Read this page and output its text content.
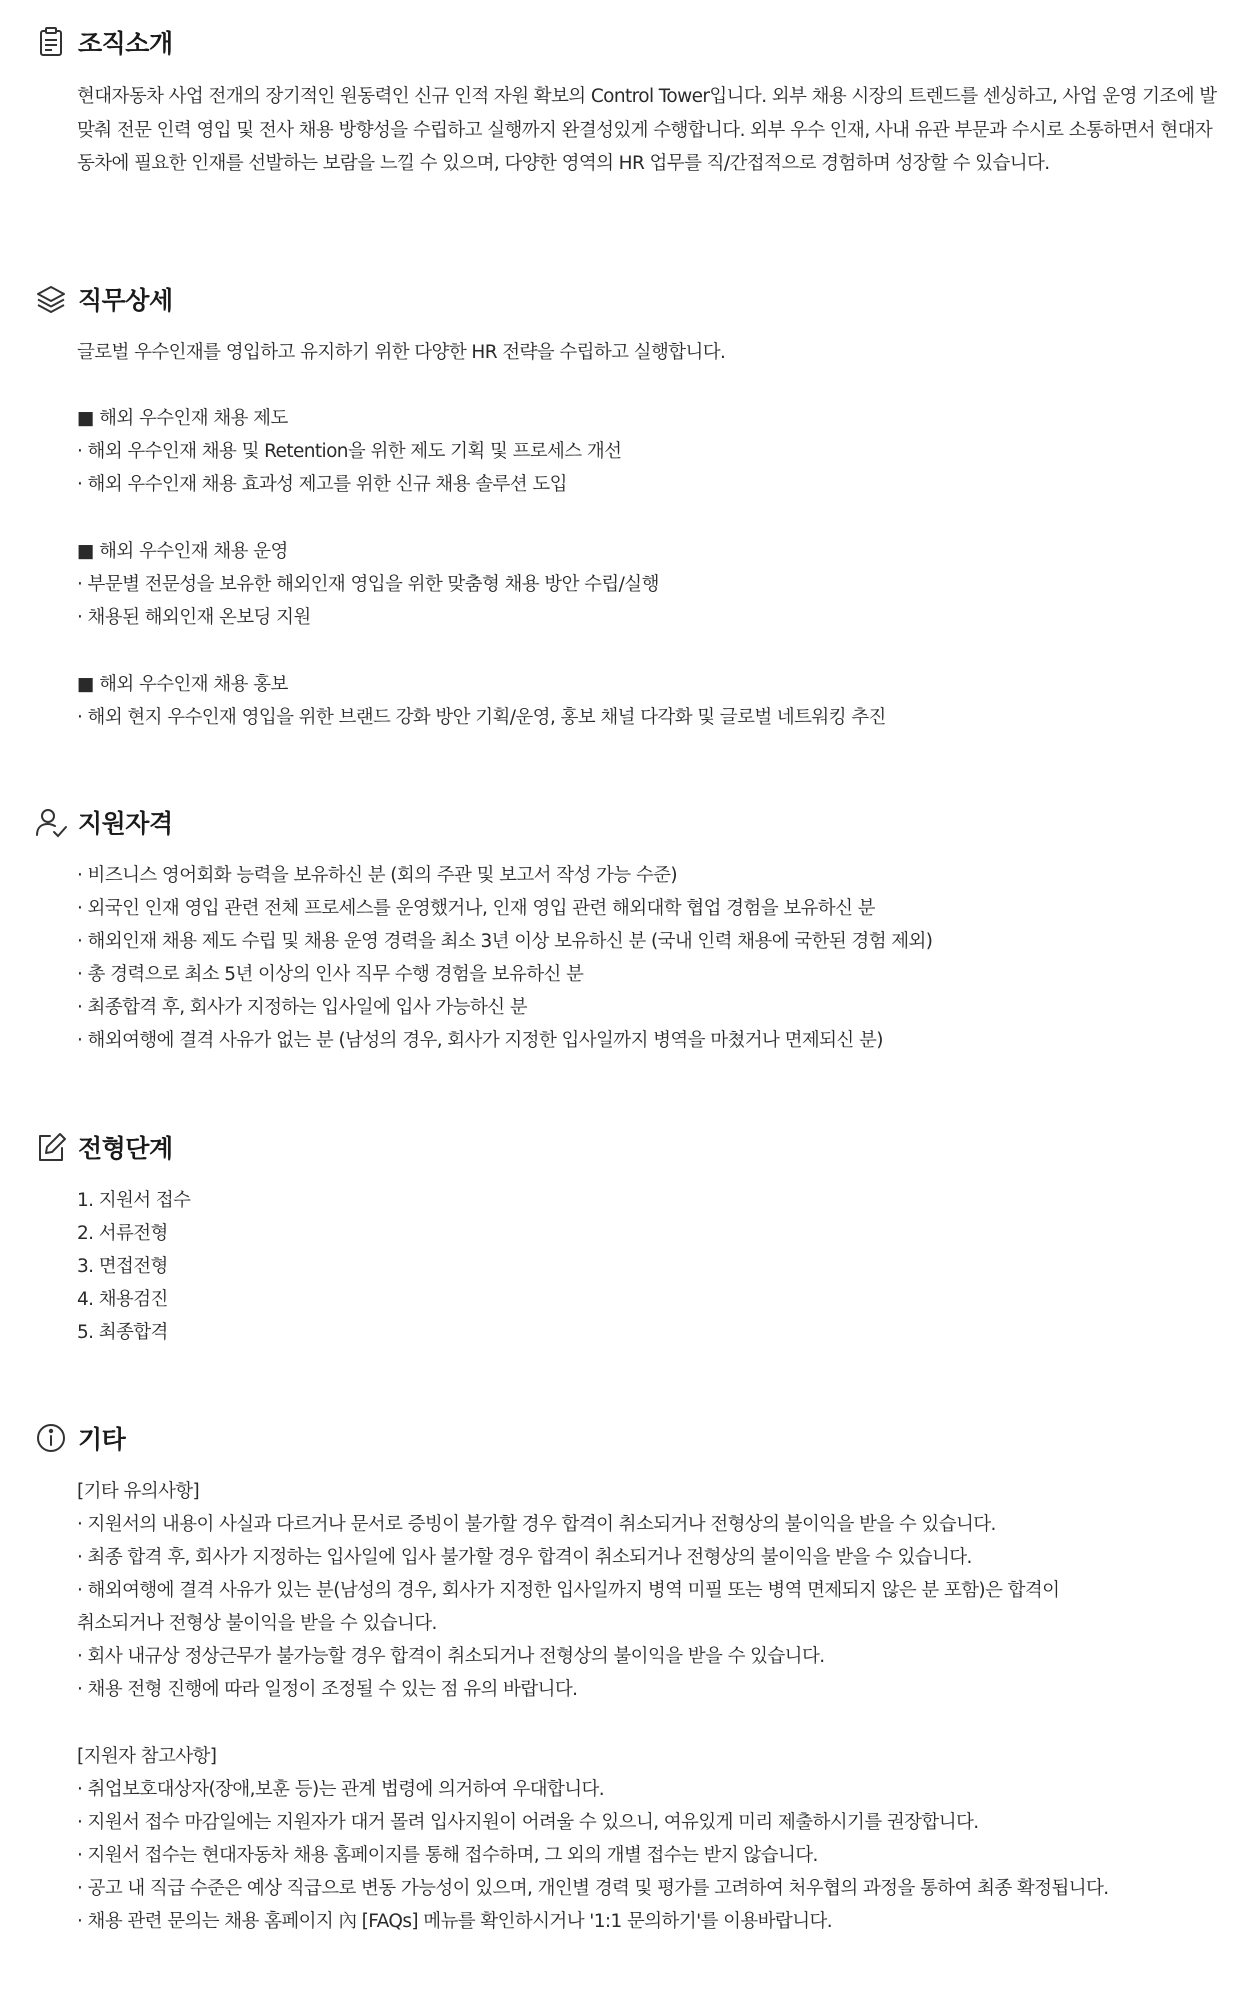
조직소개
현대자동차 사업 전개의 장기적인 원동력인 신규 인적 자원 확보의 Control Tower입니다. 외부 채용 시장의 트렌드를 센싱하고, 사업 운영 기조에 발맞춰 전문 인력 영입 및 전사 채용 방향성을 수립하고 실행까지 완결성있게 수행합니다. 외부 우수 인재, 사내 유관 부문과 수시로 소통하면서 현대자동차에 필요한 인재를 선발하는 보람을 느낄 수 있으며, 다양한 영역의 HR 업무를 직/간접적으로 경험하며 성장할 수 있습니다.
직무상세
글로벌 우수인재를 영입하고 유지하기 위한 다양한 HR 전략을 수립하고 실행합니다.
■ 해외 우수인재 채용 제도
· 해외 우수인재 채용 및 Retention을 위한 제도 기획 및 프로세스 개선
· 해외 우수인재 채용 효과성 제고를 위한 신규 채용 솔루션 도입
■ 해외 우수인재 채용 운영
· 부문별 전문성을 보유한 해외인재 영입을 위한 맞춤형 채용 방안 수립/실행
· 채용된 해외인재 온보딩 지원
■ 해외 우수인재 채용 홍보
· 해외 현지 우수인재 영입을 위한 브랜드 강화 방안 기획/운영, 홍보 채널 다각화 및 글로벌 네트워킹 추진
지원자격
· 비즈니스 영어회화 능력을 보유하신 분 (회의 주관 및 보고서 작성 가능 수준)
· 외국인 인재 영입 관련 전체 프로세스를 운영했거나, 인재 영입 관련 해외대학 협업 경험을 보유하신 분
· 해외인재 채용 제도 수립 및 채용 운영 경력을 최소 3년 이상 보유하신 분 (국내 인력 채용에 국한된 경험 제외)
· 총 경력으로 최소 5년 이상의 인사 직무 수행 경험을 보유하신 분
· 최종합격 후, 회사가 지정하는 입사일에 입사 가능하신 분
· 해외여행에 결격 사유가 없는 분 (남성의 경우, 회사가 지정한 입사일까지 병역을 마쳤거나 면제되신 분)
전형단계
1. 지원서 접수
2. 서류전형
3. 면접전형
4. 채용검진
5. 최종합격
기타
[기타 유의사항]
· 지원서의 내용이 사실과 다르거나 문서로 증빙이 불가할 경우 합격이 취소되거나 전형상의 불이익을 받을 수 있습니다.
· 최종 합격 후, 회사가 지정하는 입사일에 입사 불가할 경우 합격이 취소되거나 전형상의 불이익을 받을 수 있습니다.
· 해외여행에 결격 사유가 있는 분(남성의 경우, 회사가 지정한 입사일까지 병역 미필 또는 병역 면제되지 않은 분 포함)은 합격이
취소되거나 전형상 불이익을 받을 수 있습니다.
· 회사 내규상 정상근무가 불가능할 경우 합격이 취소되거나 전형상의 불이익을 받을 수 있습니다.
· 채용 전형 진행에 따라 일정이 조정될 수 있는 점 유의 바랍니다.
[지원자 참고사항]
· 취업보호대상자(장애,보훈 등)는 관계 법령에 의거하여 우대합니다.
· 지원서 접수 마감일에는 지원자가 대거 몰려 입사지원이 어려울 수 있으니, 여유있게 미리 제출하시기를 권장합니다.
· 지원서 접수는 현대자동차 채용 홈페이지를 통해 접수하며, 그 외의 개별 접수는 받지 않습니다.
· 공고 내 직급 수준은 예상 직급으로 변동 가능성이 있으며, 개인별 경력 및 평가를 고려하여 처우협의 과정을 통하여 최종 확정됩니다.
· 채용 관련 문의는 채용 홈페이지 內 [FAQs] 메뉴를 확인하시거나 '1:1 문의하기'를 이용바랍니다.
